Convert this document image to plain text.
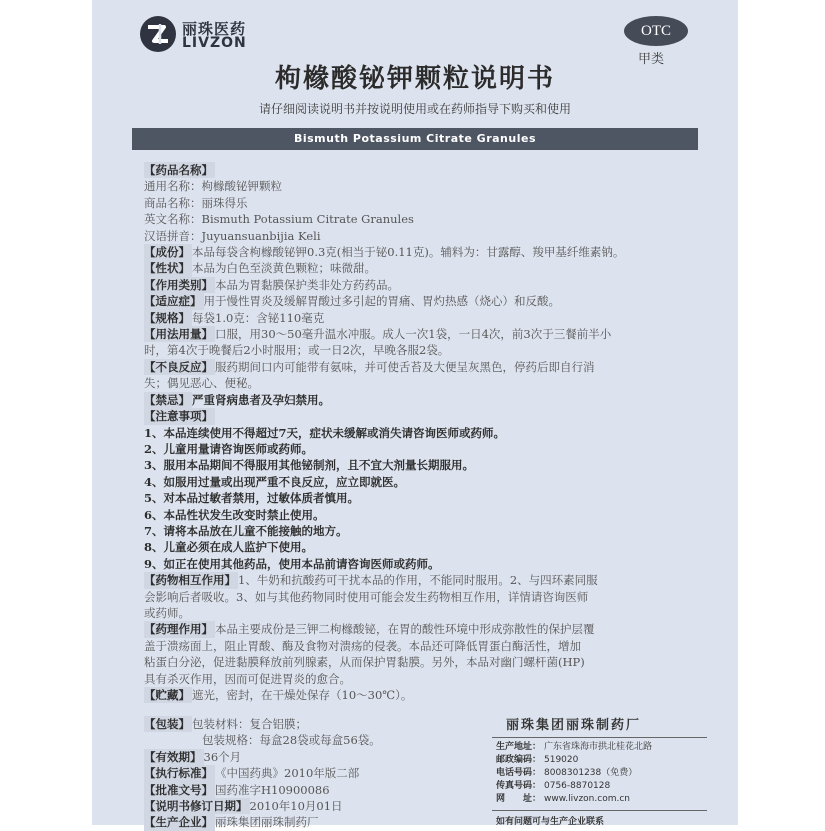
丽珠医药
LIVZON
OTC
甲类
枸橼酸铋钾颗粒说明书
请仔细阅读说明书并按说明使用或在药师指导下购买和使用
Bismuth Potassium Citrate Granules
【药品名称】
通用名称：枸橼酸铋钾颗粒
商品名称：丽珠得乐
英文名称：Bismuth Potassium Citrate Granules
汉语拼音：Juyuansuanbijia Keli
【成份】 本品每袋含枸橼酸铋钾0.3克(相当于铋0.11克)。辅料为：甘露醇、羧甲基纤维素钠。
【性状】 本品为白色至淡黄色颗粒；味微甜。
【作用类别】 本品为胃黏膜保护类非处方药药品。
【适应症】 用于慢性胃炎及缓解胃酸过多引起的胃痛、胃灼热感（烧心）和反酸。
【规格】 每袋1.0克：含铋110毫克
【用法用量】 口服，用30～50毫升温水冲服。成人一次1袋，一日4次，前3次于三餐前半小
时，第4次于晚餐后2小时服用；或一日2次，早晚各服2袋。
【不良反应】 服药期间口内可能带有氨味，并可使舌苔及大便呈灰黑色，停药后即自行消
失；偶见恶心、便秘。
【禁忌】 严重肾病患者及孕妇禁用。
【注意事项】
1、本品连续使用不得超过7天，症状未缓解或消失请咨询医师或药师。
2、儿童用量请咨询医师或药师。
3、服用本品期间不得服用其他铋制剂，且不宜大剂量长期服用。
4、如服用过量或出现严重不良反应，应立即就医。
5、对本品过敏者禁用，过敏体质者慎用。
6、本品性状发生改变时禁止使用。
7、请将本品放在儿童不能接触的地方。
8、儿童必须在成人监护下使用。
9、如正在使用其他药品，使用本品前请咨询医师或药师。
【药物相互作用】 1、牛奶和抗酸药可干扰本品的作用，不能同时服用。2、与四环素同服
会影响后者吸收。3、如与其他药物同时使用可能会发生药物相互作用，详情请咨询医师
或药师。
【药理作用】 本品主要成份是三钾二枸橼酸铋，在胃的酸性环境中形成弥散性的保护层覆
盖于溃疡面上，阻止胃酸、酶及食物对溃疡的侵袭。本品还可降低胃蛋白酶活性，增加
粘蛋白分泌，促进黏膜释放前列腺素，从而保护胃黏膜。另外，本品对幽门螺杆菌(HP)
具有杀灭作用，因而可促进胃炎的愈合。
【贮藏】 遮光，密封，在干燥处保存（10～30℃）。
【包装】 包装材料：复合铝膜；
包装规格：每盒28袋或每盒56袋。
【有效期】 36个月
【执行标准】 《中国药典》2010年版二部
【批准文号】 国药准字H10900086
【说明书修订日期】 2010年10月01日
【生产企业】 丽珠集团丽珠制药厂
丽珠集团丽珠制药厂
生产地址： 广东省珠海市拱北桂花北路
邮政编码： 519020
电话号码： 8008301238（免费）
传真号码： 0756-8870128
网　　址： www.livzon.com.cn
如有问题可与生产企业联系
